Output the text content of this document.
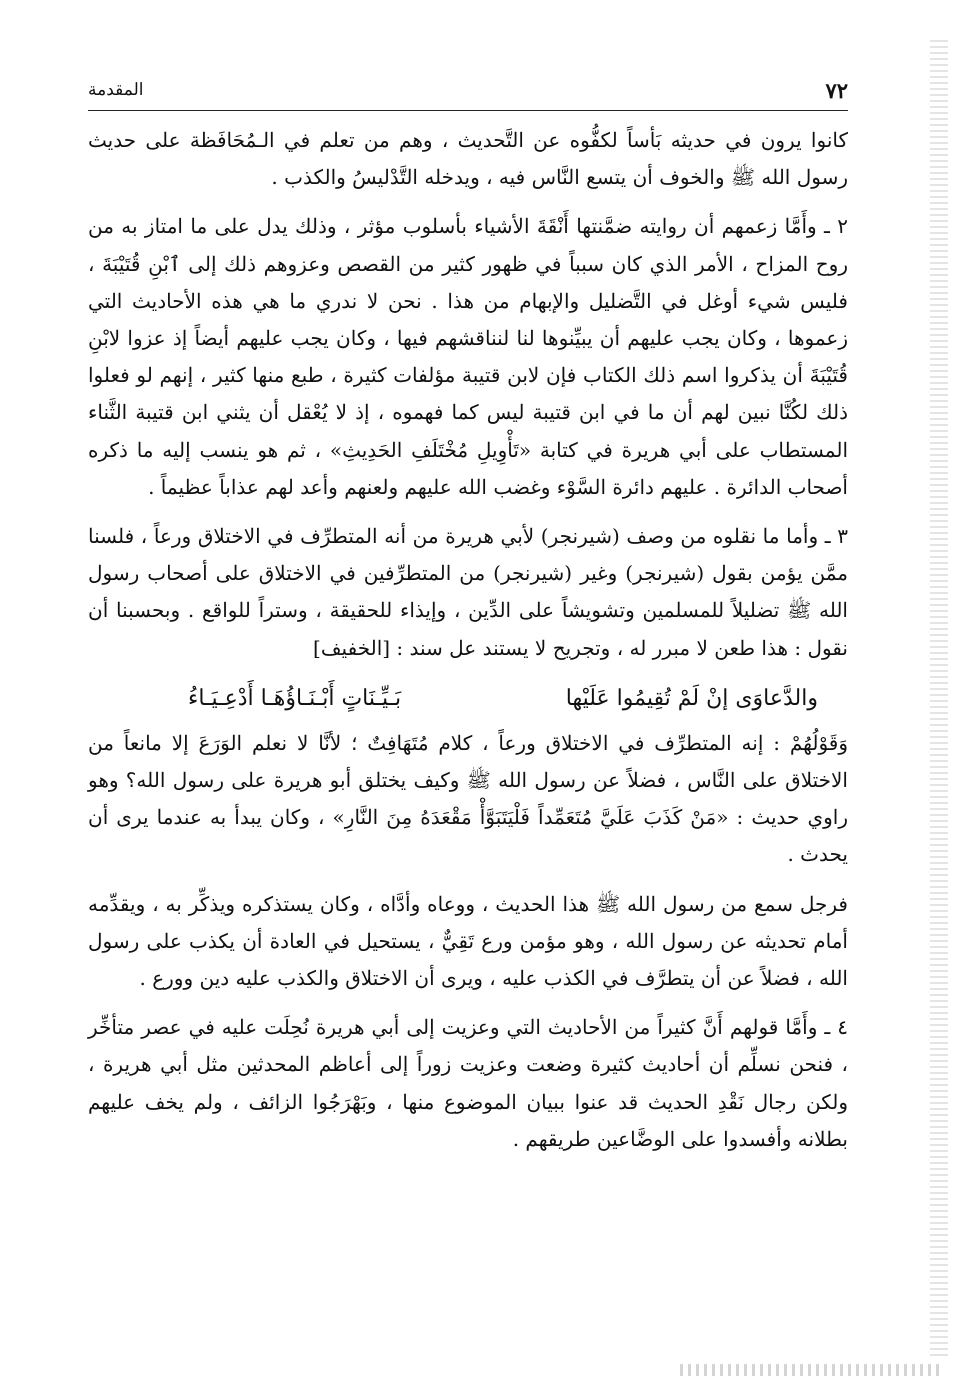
٧٢
المقدمة

كانوا يرون في حديثه بَأساً لكفُّوه عن التَّحديث ، وهم من تعلم في الـمُحَافَظة على حديث رسول الله ﷺ والخوف أن يتسع النَّاس فيه ، ويدخله التَّدْليسُ والكذب .

٢ ـ وأَمَّا زعمهم أن روايته ضمَّنتها أَنْقَةَ الأشياء بأسلوب مؤثر ، وذلك يدل على ما امتاز به من روح المزاح ، الأمر الذي كان سبباً في ظهور كثير من القصص وعزوهم ذلك إلى ٱبْنِ قُتَيْبَةَ ، فليس شيء أوغل في التَّضليل والإبهام من هذا . نحن لا ندري ما هي هذه الأحاديث التي زعموها ، وكان يجب عليهم أن يبيِّنوها لنا لنناقشهم فيها ، وكان يجب عليهم أيضاً إذ عزوا لابْنِ قُتَيْبَةَ أن يذكروا اسم ذلك الكتاب فإن لابن قتيبة مؤلفات كثيرة ، طبع منها كثير ، إنهم لو فعلوا ذلك لكُنَّا نبين لهم أن ما في ابن قتيبة ليس كما فهموه ، إذ لا يُعْقل أن يثني ابن قتيبة الثَّناء المستطاب على أبي هريرة في كتابة «تَأْوِيلِ مُخْتَلَفِ الحَدِيثِ» ، ثم هو ينسب إليه ما ذكره أصحاب الدائرة . عليهم دائرة السَّوْء وغضب الله عليهم ولعنهم وأعد لهم عذاباً عظيماً .

٣ ـ وأما ما نقلوه من وصف (شيرنجر) لأبي هريرة من أنه المتطرِّف في الاختلاق ورعاً ، فلسنا ممَّن يؤمن بقول (شيرنجر) وغير (شيرنجر) من المتطرِّفين في الاختلاق على أصحاب رسول الله ﷺ تضليلاً للمسلمين وتشويشاً على الدِّين ، وإيذاء للحقيقة ، وستراً للواقع . وبحسبنا أن نقول : هذا طعن لا مبرر له ، وتجريح لا يستند عل سند : [الخفيف]

والدَّعاوَى إنْ لَمْ تُقِيمُوا عَلَيْها
بَـيِّـنَاتٍ أَبْـنَـاؤُهَـا أَدْعِـيَـاءُ

وَقَوْلُهُمْ : إنه المتطرِّف في الاختلاق ورعاً ، كلام مُتَهَافِتٌ ؛ لأنَّا لا نعلم الوَرَعَ إلا مانعاً من الاختلاق على النَّاس ، فضلاً عن رسول الله ﷺ وكيف يختلق أبو هريرة على رسول الله؟ وهو راوي حديث : «مَنْ كَذَبَ عَلَيَّ مُتَعَمِّداً فَلْيَتَبَوَّأْ مَقْعَدَهُ مِنَ النَّارِ» ، وكان يبدأ به عندما يرى أن يحدث .

فرجل سمع من رسول الله ﷺ هذا الحديث ، ووعاه وأدَّاه ، وكان يستذكره ويذكِّر به ، ويقدِّمه أمام تحديثه عن رسول الله ، وهو مؤمن ورع تَقِيٌّ ، يستحيل في العادة أن يكذب على رسول الله ، فضلاً عن أن يتطرَّف في الكذب عليه ، ويرى أن الاختلاق والكذب عليه دين وورع .

٤ ـ وأَمَّا قولهم أَنَّ كثيراً من الأحاديث التي وعزيت إلى أبي هريرة نُحِلَت عليه في عصر متأخِّر ، فنحن نسلِّم أن أحاديث كثيرة وضعت وعزيت زوراً إلى أعاظم المحدثين مثل أبي هريرة ، ولكن رجال نَقْدِ الحديث قد عنوا ببيان الموضوع منها ، وبَهْرَجُوا الزائف ، ولم يخف عليهم بطلانه وأفسدوا على الوضَّاعين طريقهم .
